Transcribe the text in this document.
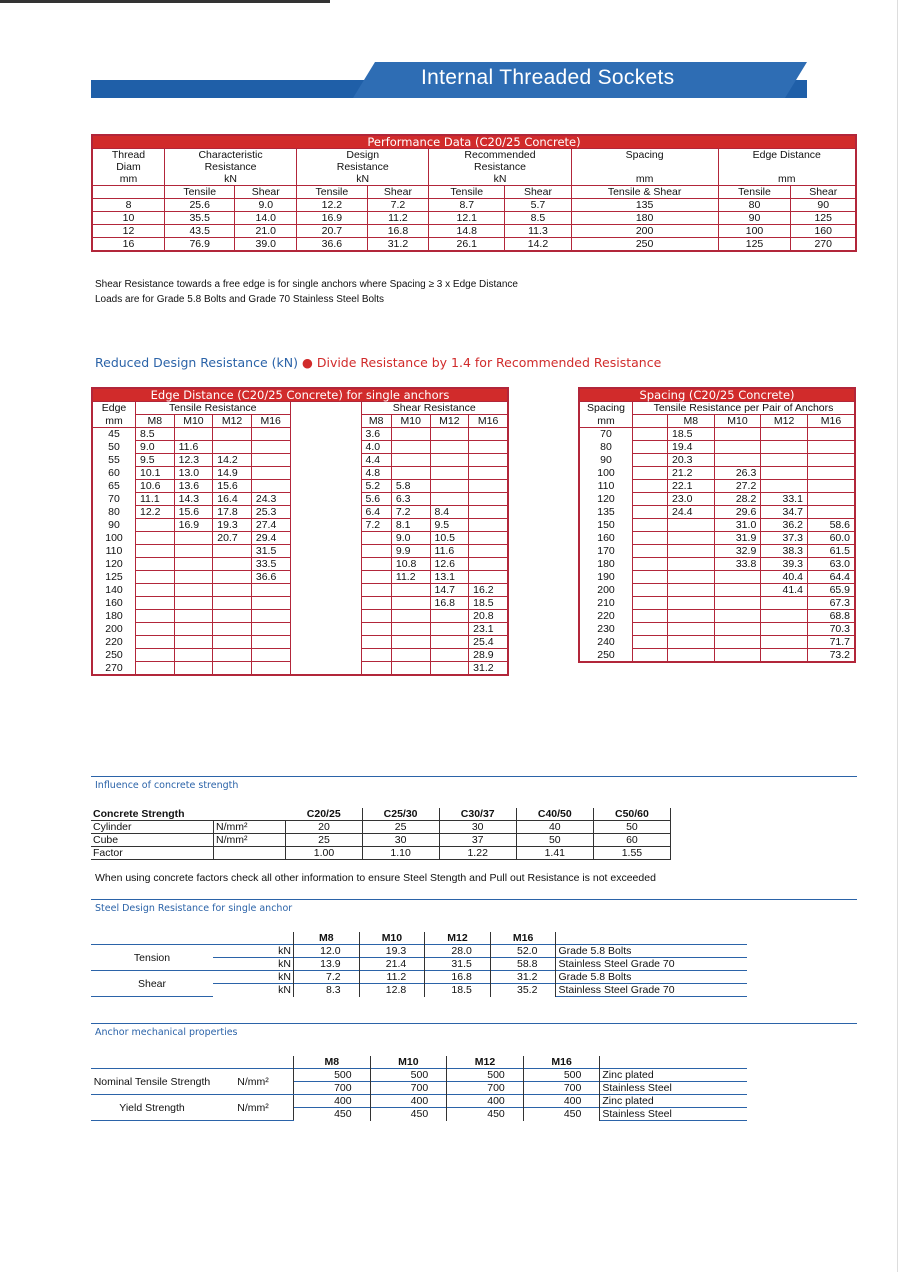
Internal Threaded Sockets
Performance Data (C20/25 Concrete)									
Thread	Characteristic		Design		Recommended		Spacing	Edge Distance	
Diam	Resistance		Resistance		Resistance				
mm	kN		kN		kN		mm	mm	
	Tensile	Shear	Tensile	Shear	Tensile	Shear	Tensile & Shear	Tensile	Shear
8	25.6	9.0	12.2	7.2	8.7	5.7	135	80	90
10	35.5	14.0	16.9	11.2	12.1	8.5	180	90	125
12	43.5	21.0	20.7	16.8	14.8	11.3	200	100	160
16	76.9	39.0	36.6	31.2	26.1	14.2	250	125	270
Shear Resistance towards a free edge is for single anchors where Spacing ≥ 3 x Edge Distance
Loads are for Grade 5.8 Bolts and Grade 70 Stainless Steel Bolts
Reduced Design Resistance (kN) ● Divide Resistance by 1.4 for Recommended Resistance
Edge Distance (C20/25 Concrete) for single anchors									
Edge	Tensile Resistance					Shear Resistance			
mm	M8	M10	M12	M16		M8	M10	M12	M16
45	8.5					3.6			
50	9.0	11.6				4.0			
55	9.5	12.3	14.2			4.4			
60	10.1	13.0	14.9			4.8			
65	10.6	13.6	15.6			5.2	5.8		
70	11.1	14.3	16.4	24.3		5.6	6.3		
80	12.2	15.6	17.8	25.3		6.4	7.2	8.4	
90		16.9	19.3	27.4		7.2	8.1	9.5	
100			20.7	29.4			9.0	10.5	
110				31.5			9.9	11.6	
120				33.5			10.8	12.6	
125				36.6			11.2	13.1	
140								14.7	16.2
160								16.8	18.5
180									20.8
200									23.1
220									25.4
250									28.9
270									31.2
Spacing (C20/25 Concrete)					
Spacing	Tensile Resistance per Pair of Anchors				
mm		M8	M10	M12	M16
70		18.5			
80		19.4			
90		20.3			
100		21.2	26.3		
110		22.1	27.2		
120		23.0	28.2	33.1	
135		24.4	29.6	34.7	
150			31.0	36.2	58.6
160			31.9	37.3	60.0
170			32.9	38.3	61.5
180			33.8	39.3	63.0
190				40.4	64.4
200				41.4	65.9
210					67.3
220					68.8
230					70.3
240					71.7
250					73.2
Influence of concrete strength
Concrete Strength		C20/25	C25/30	C30/37	C40/50	C50/60
Cylinder	N/mm²	20	25	30	40	50
Cube	N/mm²	25	30	37	50	60
Factor		1.00	1.10	1.22	1.41	1.55
When using concrete factors check all other information to ensure Steel Stength and Pull out Resistance is not exceeded
Steel Design Resistance for single anchor
		M8	M10	M12	M16	
Tension	kN	12.0	19.3	28.0	52.0	Grade 5.8 Bolts
	kN	13.9	21.4	31.5	58.8	Stainless Steel Grade 70
Shear	kN	7.2	11.2	16.8	31.2	Grade 5.8 Bolts
	kN	8.3	12.8	18.5	35.2	Stainless Steel Grade 70
Anchor mechanical properties
		M8	M10	M12	M16	
Nominal Tensile Strength	N/mm²	500	500	500	500	Zinc plated
		700	700	700	700	Stainless Steel
Yield Strength	N/mm²	400	400	400	400	Zinc plated
		450	450	450	450	Stainless Steel
